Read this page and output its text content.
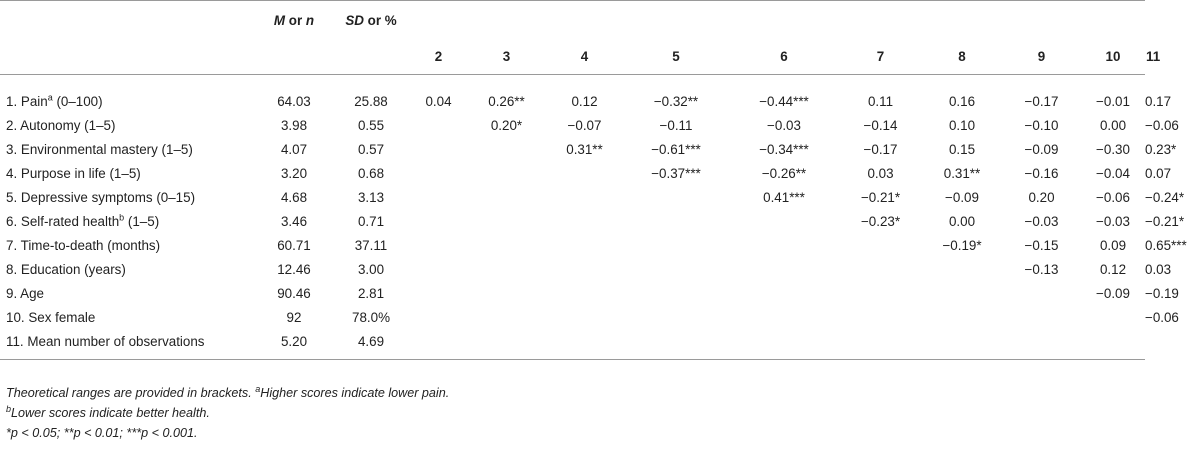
	M or n	SD or %										
			2	3	4	5	6	7	8	9	10	11
1. Pain$^a$ (0–100)	64.03	25.88	0.04	0.26**	0.12	−0.32**	−0.44***	0.11	0.16	−0.17	−0.01	0.17
2. Autonomy (1–5)	3.98	0.55		0.20*	−0.07	−0.11	−0.03	−0.14	0.10	−0.10	0.00	−0.06
3. Environmental mastery (1–5)	4.07	0.57			0.31**	−0.61***	−0.34***	−0.17	0.15	−0.09	−0.30	0.23*
4. Purpose in life (1–5)	3.20	0.68				−0.37***	−0.26**	0.03	0.31**	−0.16	−0.04	0.07
5. Depressive symptoms (0–15)	4.68	3.13					0.41***	−0.21*	−0.09	0.20	−0.06	−0.24*
6. Self-rated health$^b$ (1–5)	3.46	0.71						−0.23*	0.00	−0.03	−0.03	−0.21*
7. Time-to-death (months)	60.71	37.11							−0.19*	−0.15	0.09	0.65***
8. Education (years)	12.46	3.00								−0.13	0.12	0.03
9. Age	90.46	2.81									−0.09	−0.19
10. Sex female	92	78.0%										−0.06
11. Mean number of observations	5.20	4.69										
Theoretical ranges are provided in brackets. $^a$Higher scores indicate lower pain.
$^b$Lower scores indicate better health.
*p < 0.05; **p < 0.01; ***p < 0.001.
